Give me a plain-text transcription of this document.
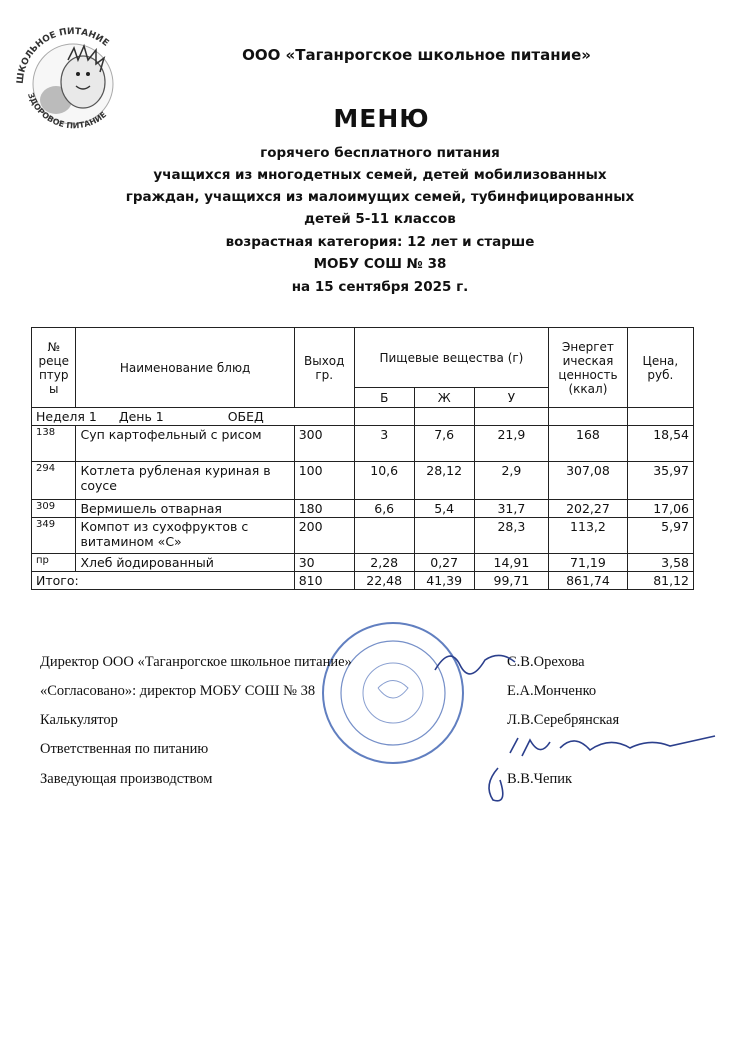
ШКОЛЬНОЕ ПИТАНИЕ
ЗДОРОВОЕ ПИТАНИЕ
ООО «Таганрогское школьное питание»
МЕНЮ
горячего бесплатного питания
учащихся из многодетных семей, детей мобилизованных
граждан, учащихся из малоимущих семей, тубинфицированных
детей 5-11 классов
возрастная категория: 12 лет и старше
МОБУ СОШ № 38
на 15 сентября 2025 г.
№ реце птур ы	Наименование блюд	Выход гр.	Пищевые вещества (г)			Энергет ическая ценность (ккал)	Цена, руб.
			Б	Ж	У		
Неделя 1 День 1 ОБЕД							
138	Суп картофельный с рисом	300	3	7,6	21,9	168	18,54
294	Котлета рубленая куриная в соусе	100	10,6	28,12	2,9	307,08	35,97
309	Вермишель отварная	180	6,6	5,4	31,7	202,27	17,06
349	Компот из сухофруктов с витамином «С»	200			28,3	113,2	5,97
пр	Хлеб йодированный	30	2,28	0,27	14,91	71,19	3,58
Итого:		810	22,48	41,39	99,71	861,74	81,12
Директор ООО «Таганрогское школьное питание»	С.В.Орехова
«Согласовано»: директор МОБУ СОШ № 38	Е.А.Монченко
Калькулятор	Л.В.Серебрянская
Ответственная по питанию
Заведующая производством	В.В.Чепик
